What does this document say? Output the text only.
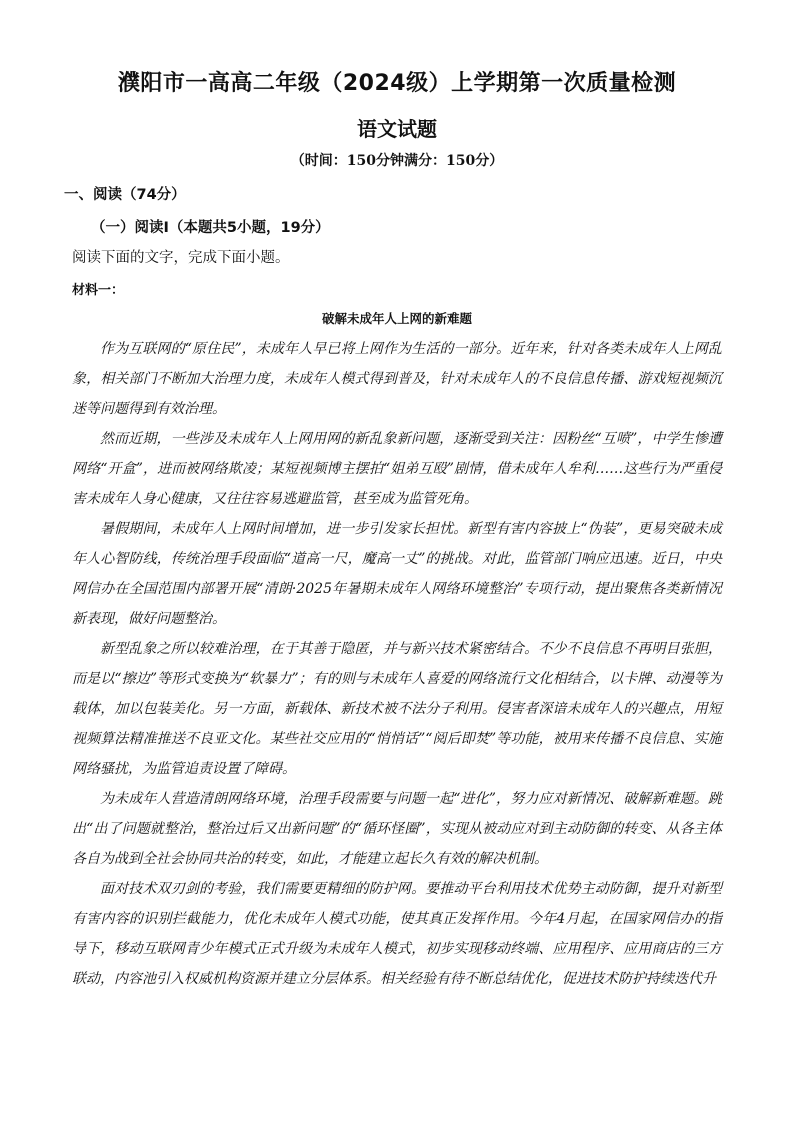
濮阳市一高高二年级（2024级）上学期第一次质量检测
语文试题
（时间：150分钟满分：150分）
一、阅读（74分）
（一）阅读Ⅰ（本题共5小题，19分）
阅读下面的文字，完成下面小题。
材料一：
破解未成年人上网的新难题

作为互联网的“原住民”，未成年人早已将上网作为生活的一部分。近年来，针对各类未成年人上网乱象，相关部门不断加大治理力度，未成年人模式得到普及，针对未成年人的不良信息传播、游戏短视频沉迷等问题得到有效治理。

然而近期，一些涉及未成年人上网用网的新乱象新问题，逐渐受到关注：因粉丝“互喷”，中学生惨遭网络“开盒”，进而被网络欺凌；某短视频博主摆拍“姐弟互殴”剧情，借未成年人牟利……这些行为严重侵害未成年人身心健康，又往往容易逃避监管，甚至成为监管死角。

暑假期间，未成年人上网时间增加，进一步引发家长担忧。新型有害内容披上“伪装”，更易突破未成年人心智防线，传统治理手段面临“道高一尺，魔高一丈”的挑战。对此，监管部门响应迅速。近日，中央网信办在全国范围内部署开展“清朗·2025年暑期未成年人网络环境整治”专项行动，提出聚焦各类新情况新表现，做好问题整治。

新型乱象之所以较难治理，在于其善于隐匿，并与新兴技术紧密结合。不少不良信息不再明目张胆，而是以“擦边”等形式变换为“软暴力”；有的则与未成年人喜爱的网络流行文化相结合，以卡牌、动漫等为载体，加以包装美化。另一方面，新载体、新技术被不法分子利用。侵害者深谙未成年人的兴趣点，用短视频算法精准推送不良亚文化。某些社交应用的“悄悄话”“阅后即焚”等功能，被用来传播不良信息、实施网络骚扰，为监管追责设置了障碍。

为未成年人营造清朗网络环境，治理手段需要与问题一起“进化”，努力应对新情况、破解新难题。跳出“出了问题就整治，整治过后又出新问题”的“循环怪圈”，实现从被动应对到主动防御的转变、从各主体各自为战到全社会协同共治的转变，如此，才能建立起长久有效的解决机制。

面对技术双刃剑的考验，我们需要更精细的防护网。要推动平台利用技术优势主动防御，提升对新型有害内容的识别拦截能力，优化未成年人模式功能，使其真正发挥作用。今年4月起，在国家网信办的指导下，移动互联网青少年模式正式升级为未成年人模式，初步实现移动终端、应用程序、应用商店的三方联动，内容池引入权威机构资源并建立分层体系。相关经验有待不断总结优化，促进技术防护持续迭代升
